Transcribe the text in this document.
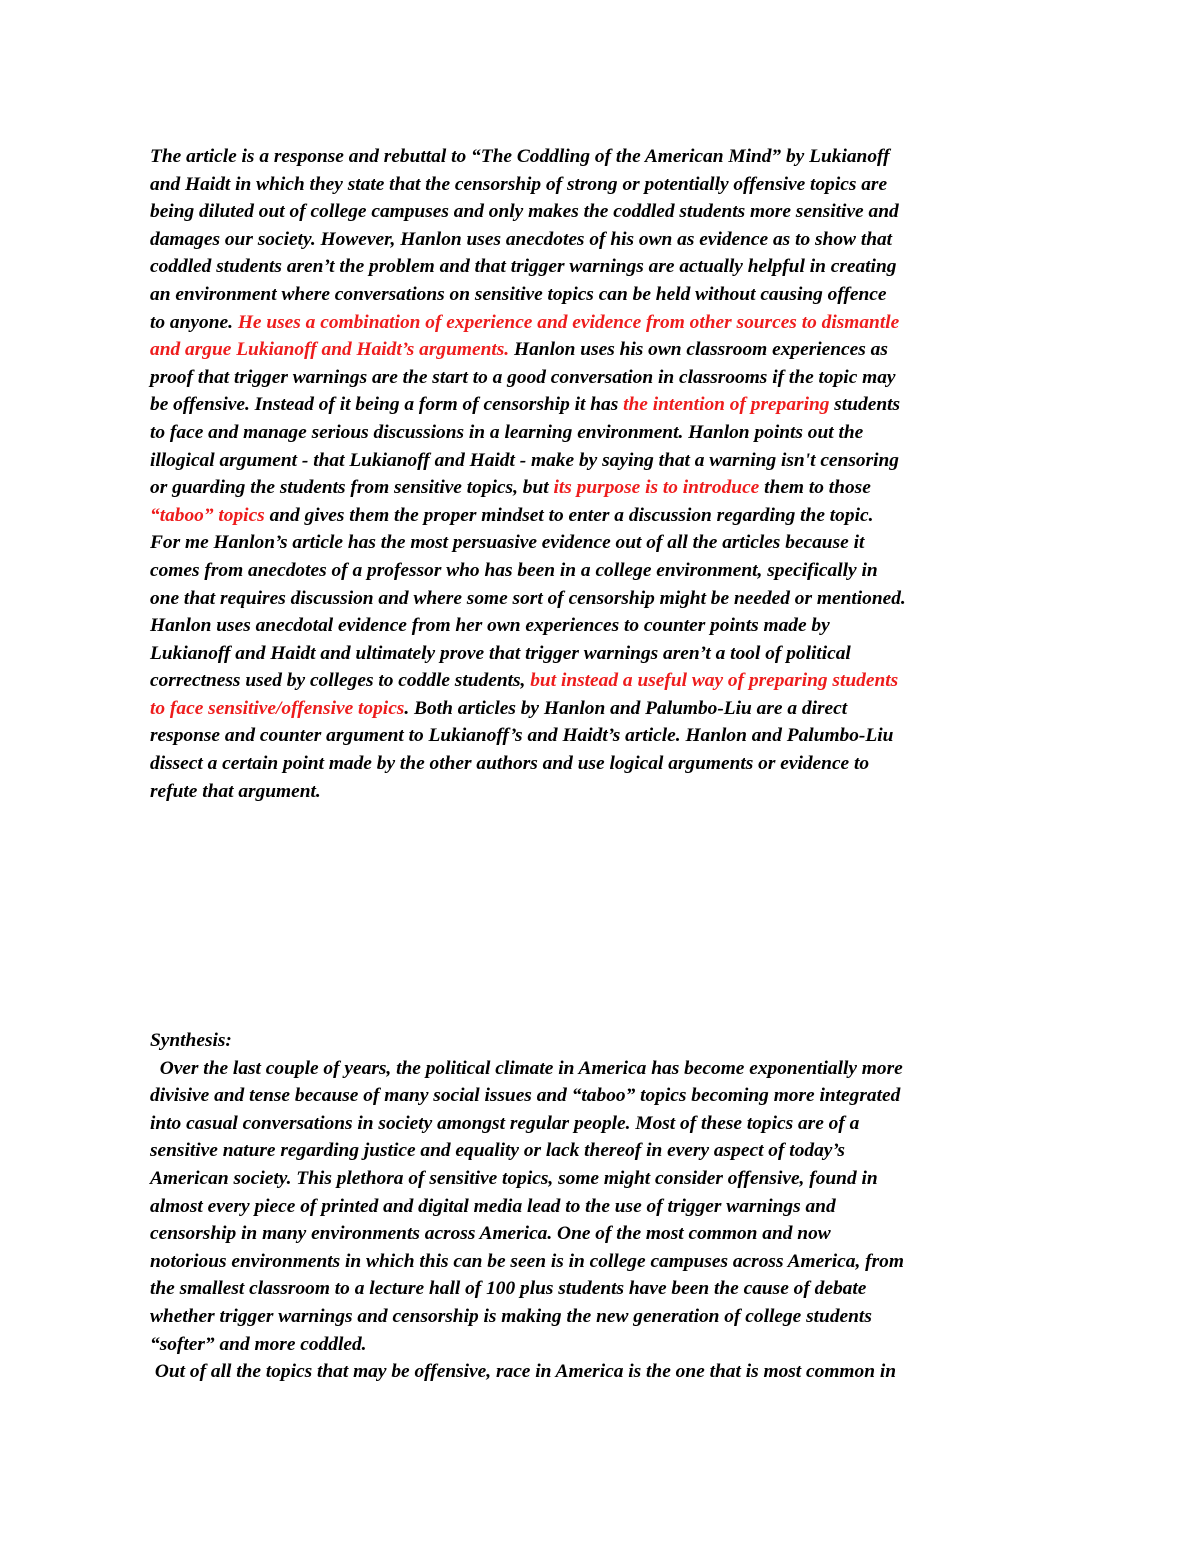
The article is a response and rebuttal to “The Coddling of the American Mind” by Lukianoff
and Haidt in which they state that the censorship of strong or potentially offensive topics are
being diluted out of college campuses and only makes the coddled students more sensitive and
damages our society. However, Hanlon uses anecdotes of his own as evidence as to show that
coddled students aren’t the problem and that trigger warnings are actually helpful in creating
an environment where conversations on sensitive topics can be held without causing offence
to anyone. He uses a combination of experience and evidence from other sources to dismantle
and argue Lukianoff and Haidt’s arguments. Hanlon uses his own classroom experiences as
proof that trigger warnings are the start to a good conversation in classrooms if the topic may
be offensive. Instead of it being a form of censorship it has the intention of preparing students
to face and manage serious discussions in a learning environment. Hanlon points out the
illogical argument - that Lukianoff and Haidt - make by saying that a warning isn't censoring
or guarding the students from sensitive topics, but its purpose is to introduce them to those
“taboo” topics and gives them the proper mindset to enter a discussion regarding the topic.
For me Hanlon’s article has the most persuasive evidence out of all the articles because it
comes from anecdotes of a professor who has been in a college environment, specifically in
one that requires discussion and where some sort of censorship might be needed or mentioned.
Hanlon uses anecdotal evidence from her own experiences to counter points made by
Lukianoff and Haidt and ultimately prove that trigger warnings aren’t a tool of political
correctness used by colleges to coddle students, but instead a useful way of preparing students
to face sensitive/offensive topics. Both articles by Hanlon and Palumbo-Liu are a direct
response and counter argument to Lukianoff’s and Haidt’s article. Hanlon and Palumbo-Liu
dissect a certain point made by the other authors and use logical arguments or evidence to
refute that argument.
Synthesis:
Over the last couple of years, the political climate in America has become exponentially more
divisive and tense because of many social issues and “taboo” topics becoming more integrated
into casual conversations in society amongst regular people. Most of these topics are of a
sensitive nature regarding justice and equality or lack thereof in every aspect of today’s
American society. This plethora of sensitive topics, some might consider offensive, found in
almost every piece of printed and digital media lead to the use of trigger warnings and
censorship in many environments across America. One of the most common and now
notorious environments in which this can be seen is in college campuses across America, from
the smallest classroom to a lecture hall of 100 plus students have been the cause of debate
whether trigger warnings and censorship is making the new generation of college students
“softer” and more coddled.
Out of all the topics that may be offensive, race in America is the one that is most common in
